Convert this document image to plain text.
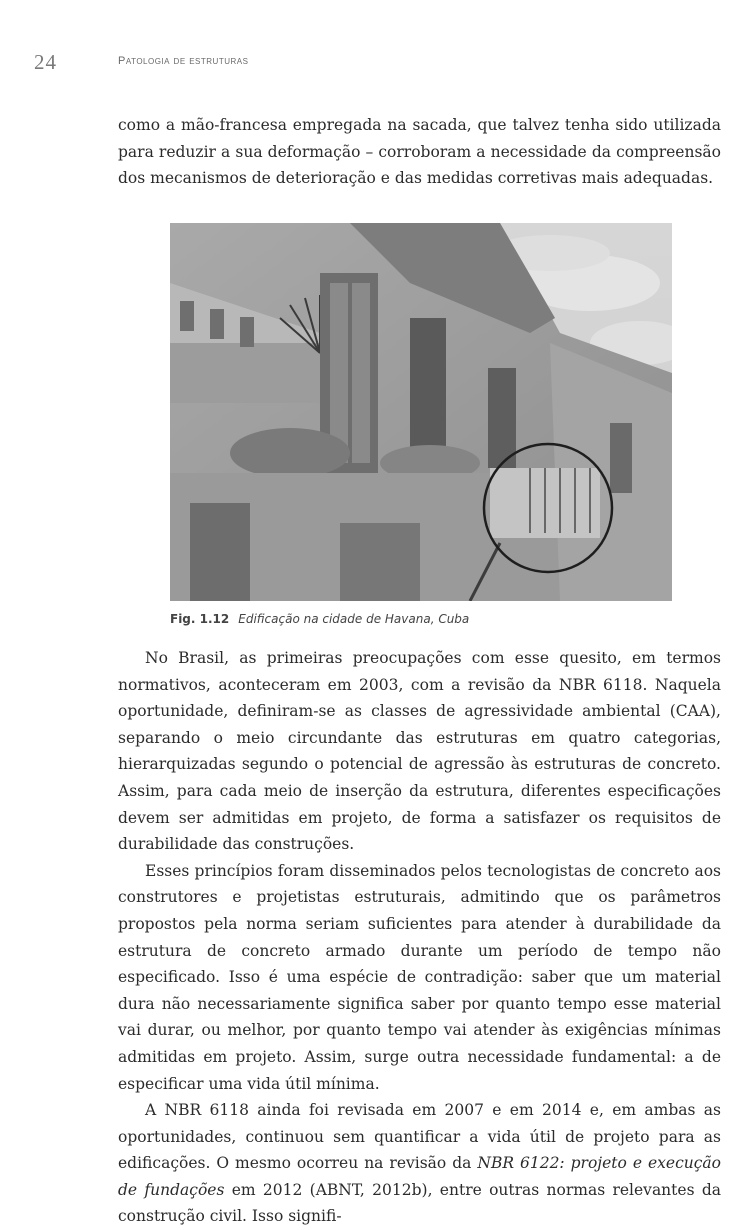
24	Patologia de estruturas

como a mão-francesa empregada na sacada, que talvez tenha sido utilizada para reduzir a sua deformação – corroboram a necessidade da compreensão dos mecanismos de deterioração e das medidas corretivas mais adequadas.

Fig. 1.12 Edificação na cidade de Havana, Cuba

No Brasil, as primeiras preocupações com esse quesito, em termos normativos, aconteceram em 2003, com a revisão da NBR 6118. Naquela oportunidade, definiram-se as classes de agressividade ambiental (CAA), separando o meio circundante das estruturas em quatro categorias, hierarquizadas segundo o potencial de agressão às estruturas de concreto. Assim, para cada meio de inserção da estrutura, diferentes especificações devem ser admitidas em projeto, de forma a satisfazer os requisitos de durabilidade das construções.

Esses princípios foram disseminados pelos tecnologistas de concreto aos construtores e projetistas estruturais, admitindo que os parâmetros propostos pela norma seriam suficientes para atender à durabilidade da estrutura de concreto armado durante um período de tempo não especificado. Isso é uma espécie de contradição: saber que um material dura não necessariamente significa saber por quanto tempo esse material vai durar, ou melhor, por quanto tempo vai atender às exigências mínimas admitidas em projeto. Assim, surge outra necessidade fundamental: a de especificar uma vida útil mínima.

A NBR 6118 ainda foi revisada em 2007 e em 2014 e, em ambas as oportunidades, continuou sem quantificar a vida útil de projeto para as edificações. O mesmo ocorreu na revisão da NBR 6122: projeto e execução de fundações em 2012 (ABNT, 2012b), entre outras normas relevantes da construção civil. Isso signifi-
